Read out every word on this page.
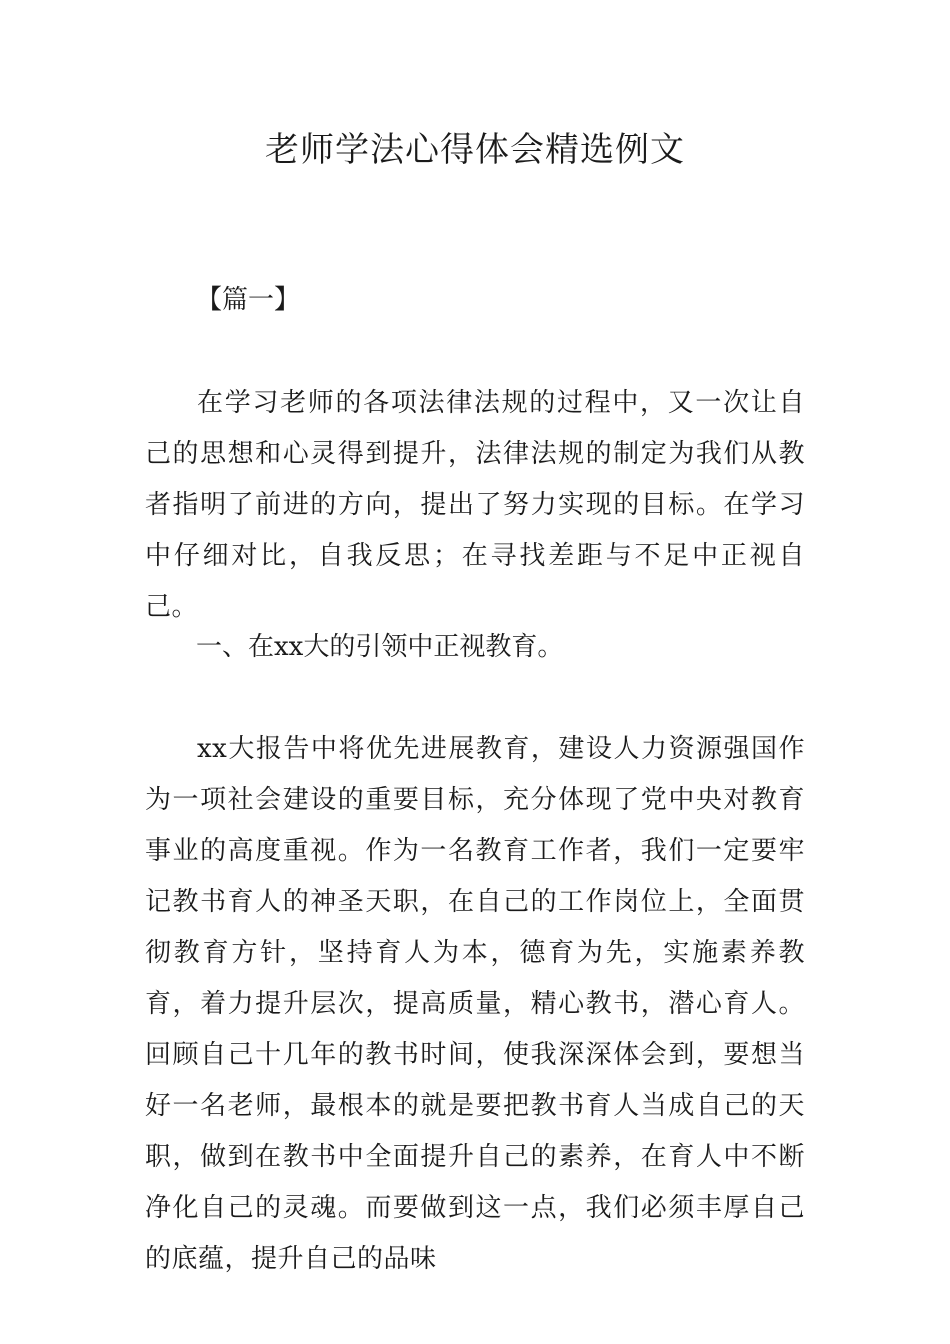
老师学法心得体会精选例文

【篇一】

在学习老师的各项法律法规的过程中，又一次让自己的思想和心灵得到提升，法律法规的制定为我们从教者指明了前进的方向，提出了努力实现的目标。在学习中仔细对比，自我反思；在寻找差距与不足中正视自己。

一、在xx大的引领中正视教育。

xx大报告中将优先进展教育，建设人力资源强国作为一项社会建设的重要目标，充分体现了党中央对教育事业的高度重视。作为一名教育工作者，我们一定要牢记教书育人的神圣天职，在自己的工作岗位上，全面贯彻教育方针，坚持育人为本，德育为先，实施素养教育，着力提升层次，提高质量，精心教书，潜心育人。回顾自己十几年的教书时间，使我深深体会到，要想当好一名老师，最根本的就是要把教书育人当成自己的天职，做到在教书中全面提升自己的素养，在育人中不断净化自己的灵魂。而要做到这一点，我们必须丰厚自己的底蕴，提升自己的品味
